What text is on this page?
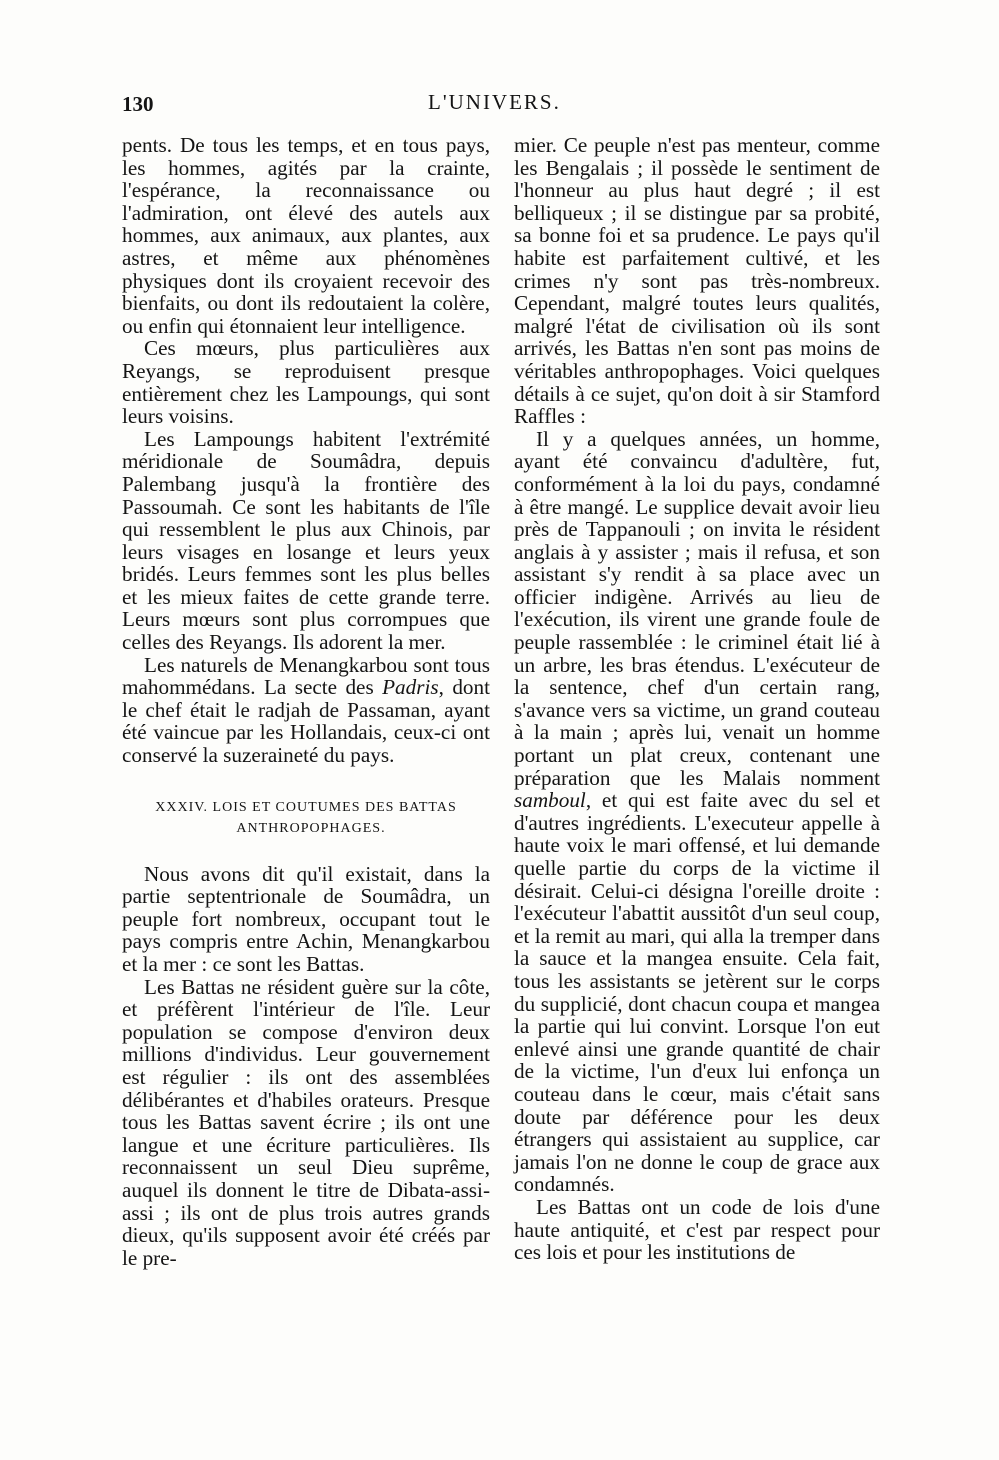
130	L'UNIVERS.

pents. De tous les temps, et en tous pays, les hommes, agités par la crainte, l'espérance, la reconnaissance ou l'admiration, ont élevé des autels aux hommes, aux animaux, aux plantes, aux astres, et même aux phénomènes physiques dont ils croyaient recevoir des bienfaits, ou dont ils redoutaient la colère, ou enfin qui étonnaient leur intelligence.

Ces mœurs, plus particulières aux Reyangs, se reproduisent presque entièrement chez les Lampoungs, qui sont leurs voisins.

Les Lampoungs habitent l'extrémité méridionale de Soumâdra, depuis Palembang jusqu'à la frontière des Passoumah. Ce sont les habitants de l'île qui ressemblent le plus aux Chinois, par leurs visages en losange et leurs yeux bridés. Leurs femmes sont les plus belles et les mieux faites de cette grande terre. Leurs mœurs sont plus corrompues que celles des Reyangs. Ils adorent la mer.

Les naturels de Menangkarbou sont tous mahommédans. La secte des Padris, dont le chef était le radjah de Passaman, ayant été vaincue par les Hollandais, ceux-ci ont conservé la suzeraineté du pays.

XXXIV. LOIS ET COUTUMES DES BATTAS
ANTHROPOPHAGES.

Nous avons dit qu'il existait, dans la partie septentrionale de Soumâdra, un peuple fort nombreux, occupant tout le pays compris entre Achin, Menangkarbou et la mer : ce sont les Battas.

Les Battas ne résident guère sur la côte, et préfèrent l'intérieur de l'île. Leur population se compose d'environ deux millions d'individus. Leur gouvernement est régulier : ils ont des assemblées délibérantes et d'habiles orateurs. Presque tous les Battas savent écrire ; ils ont une langue et une écriture particulières. Ils reconnaissent un seul Dieu suprême, auquel ils donnent le titre de Dibata-assi-assi ; ils ont de plus trois autres grands dieux, qu'ils supposent avoir été créés par le pre-

mier. Ce peuple n'est pas menteur, comme les Bengalais ; il possède le sentiment de l'honneur au plus haut degré ; il est belliqueux ; il se distingue par sa probité, sa bonne foi et sa prudence. Le pays qu'il habite est parfaitement cultivé, et les crimes n'y sont pas très-nombreux. Cependant, malgré toutes leurs qualités, malgré l'état de civilisation où ils sont arrivés, les Battas n'en sont pas moins de véritables anthropophages. Voici quelques détails à ce sujet, qu'on doit à sir Stamford Raffles :

Il y a quelques années, un homme, ayant été convaincu d'adultère, fut, conformément à la loi du pays, condamné à être mangé. Le supplice devait avoir lieu près de Tappanouli ; on invita le résident anglais à y assister ; mais il refusa, et son assistant s'y rendit à sa place avec un officier indigène. Arrivés au lieu de l'exécution, ils virent une grande foule de peuple rassemblée : le criminel était lié à un arbre, les bras étendus. L'exécuteur de la sentence, chef d'un certain rang, s'avance vers sa victime, un grand couteau à la main ; après lui, venait un homme portant un plat creux, contenant une préparation que les Malais nomment samboul, et qui est faite avec du sel et d'autres ingrédients. L'executeur appelle à haute voix le mari offensé, et lui demande quelle partie du corps de la victime il désirait. Celui-ci désigna l'oreille droite : l'exécuteur l'abattit aussitôt d'un seul coup, et la remit au mari, qui alla la tremper dans la sauce et la mangea ensuite. Cela fait, tous les assistants se jetèrent sur le corps du supplicié, dont chacun coupa et mangea la partie qui lui convint. Lorsque l'on eut enlevé ainsi une grande quantité de chair de la victime, l'un d'eux lui enfonça un couteau dans le cœur, mais c'était sans doute par déférence pour les deux étrangers qui assistaient au supplice, car jamais l'on ne donne le coup de grace aux condamnés.

Les Battas ont un code de lois d'une haute antiquité, et c'est par respect pour ces lois et pour les institutions de
